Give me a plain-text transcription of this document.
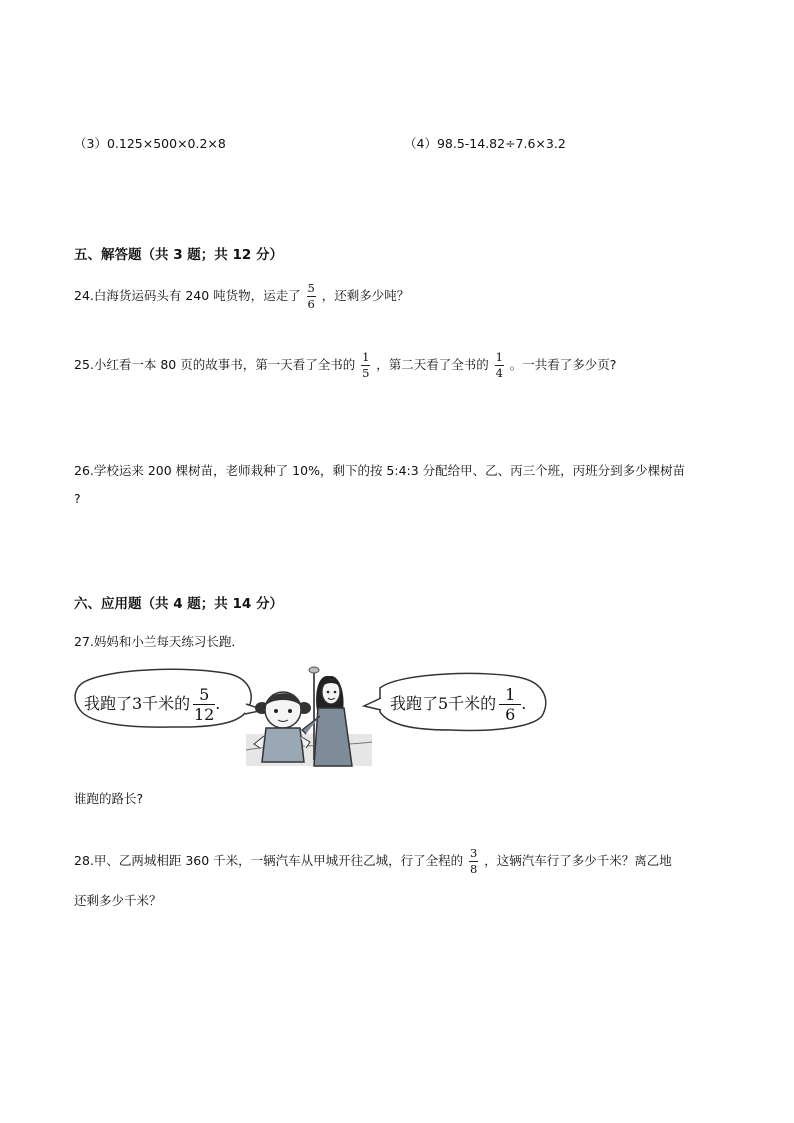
（3）0.125×500×0.2×8	（4）98.5-14.82÷7.6×3.2
五、解答题（共 3 题；共 12 分）
24.白海货运码头有 240 吨货物，运走了 $\frac{5}{6}$ ，还剩多少吨？
25.小红看一本 80 页的故事书，第一天看了全书的 $\frac{1}{5}$ ，第二天看了全书的 $\frac{1}{4}$ 。一共看了多少页?
26.学校运来 200 棵树苗，老师栽种了 10%，剩下的按 5:4:3 分配给甲、乙、丙三个班，丙班分到多少棵树苗
?
六、应用题（共 4 题；共 14 分）
27.妈妈和小兰每天练习长跑．
我跑了3千米的 $\frac{5}{12}$ .	我跑了5千米的 $\frac{1}{6}$ .
谁跑的路长?
28.甲、乙两城相距 360 千米，一辆汽车从甲城开往乙城，行了全程的 $\frac{3}{8}$ ，这辆汽车行了多少千米？离乙地
还剩多少千米？
